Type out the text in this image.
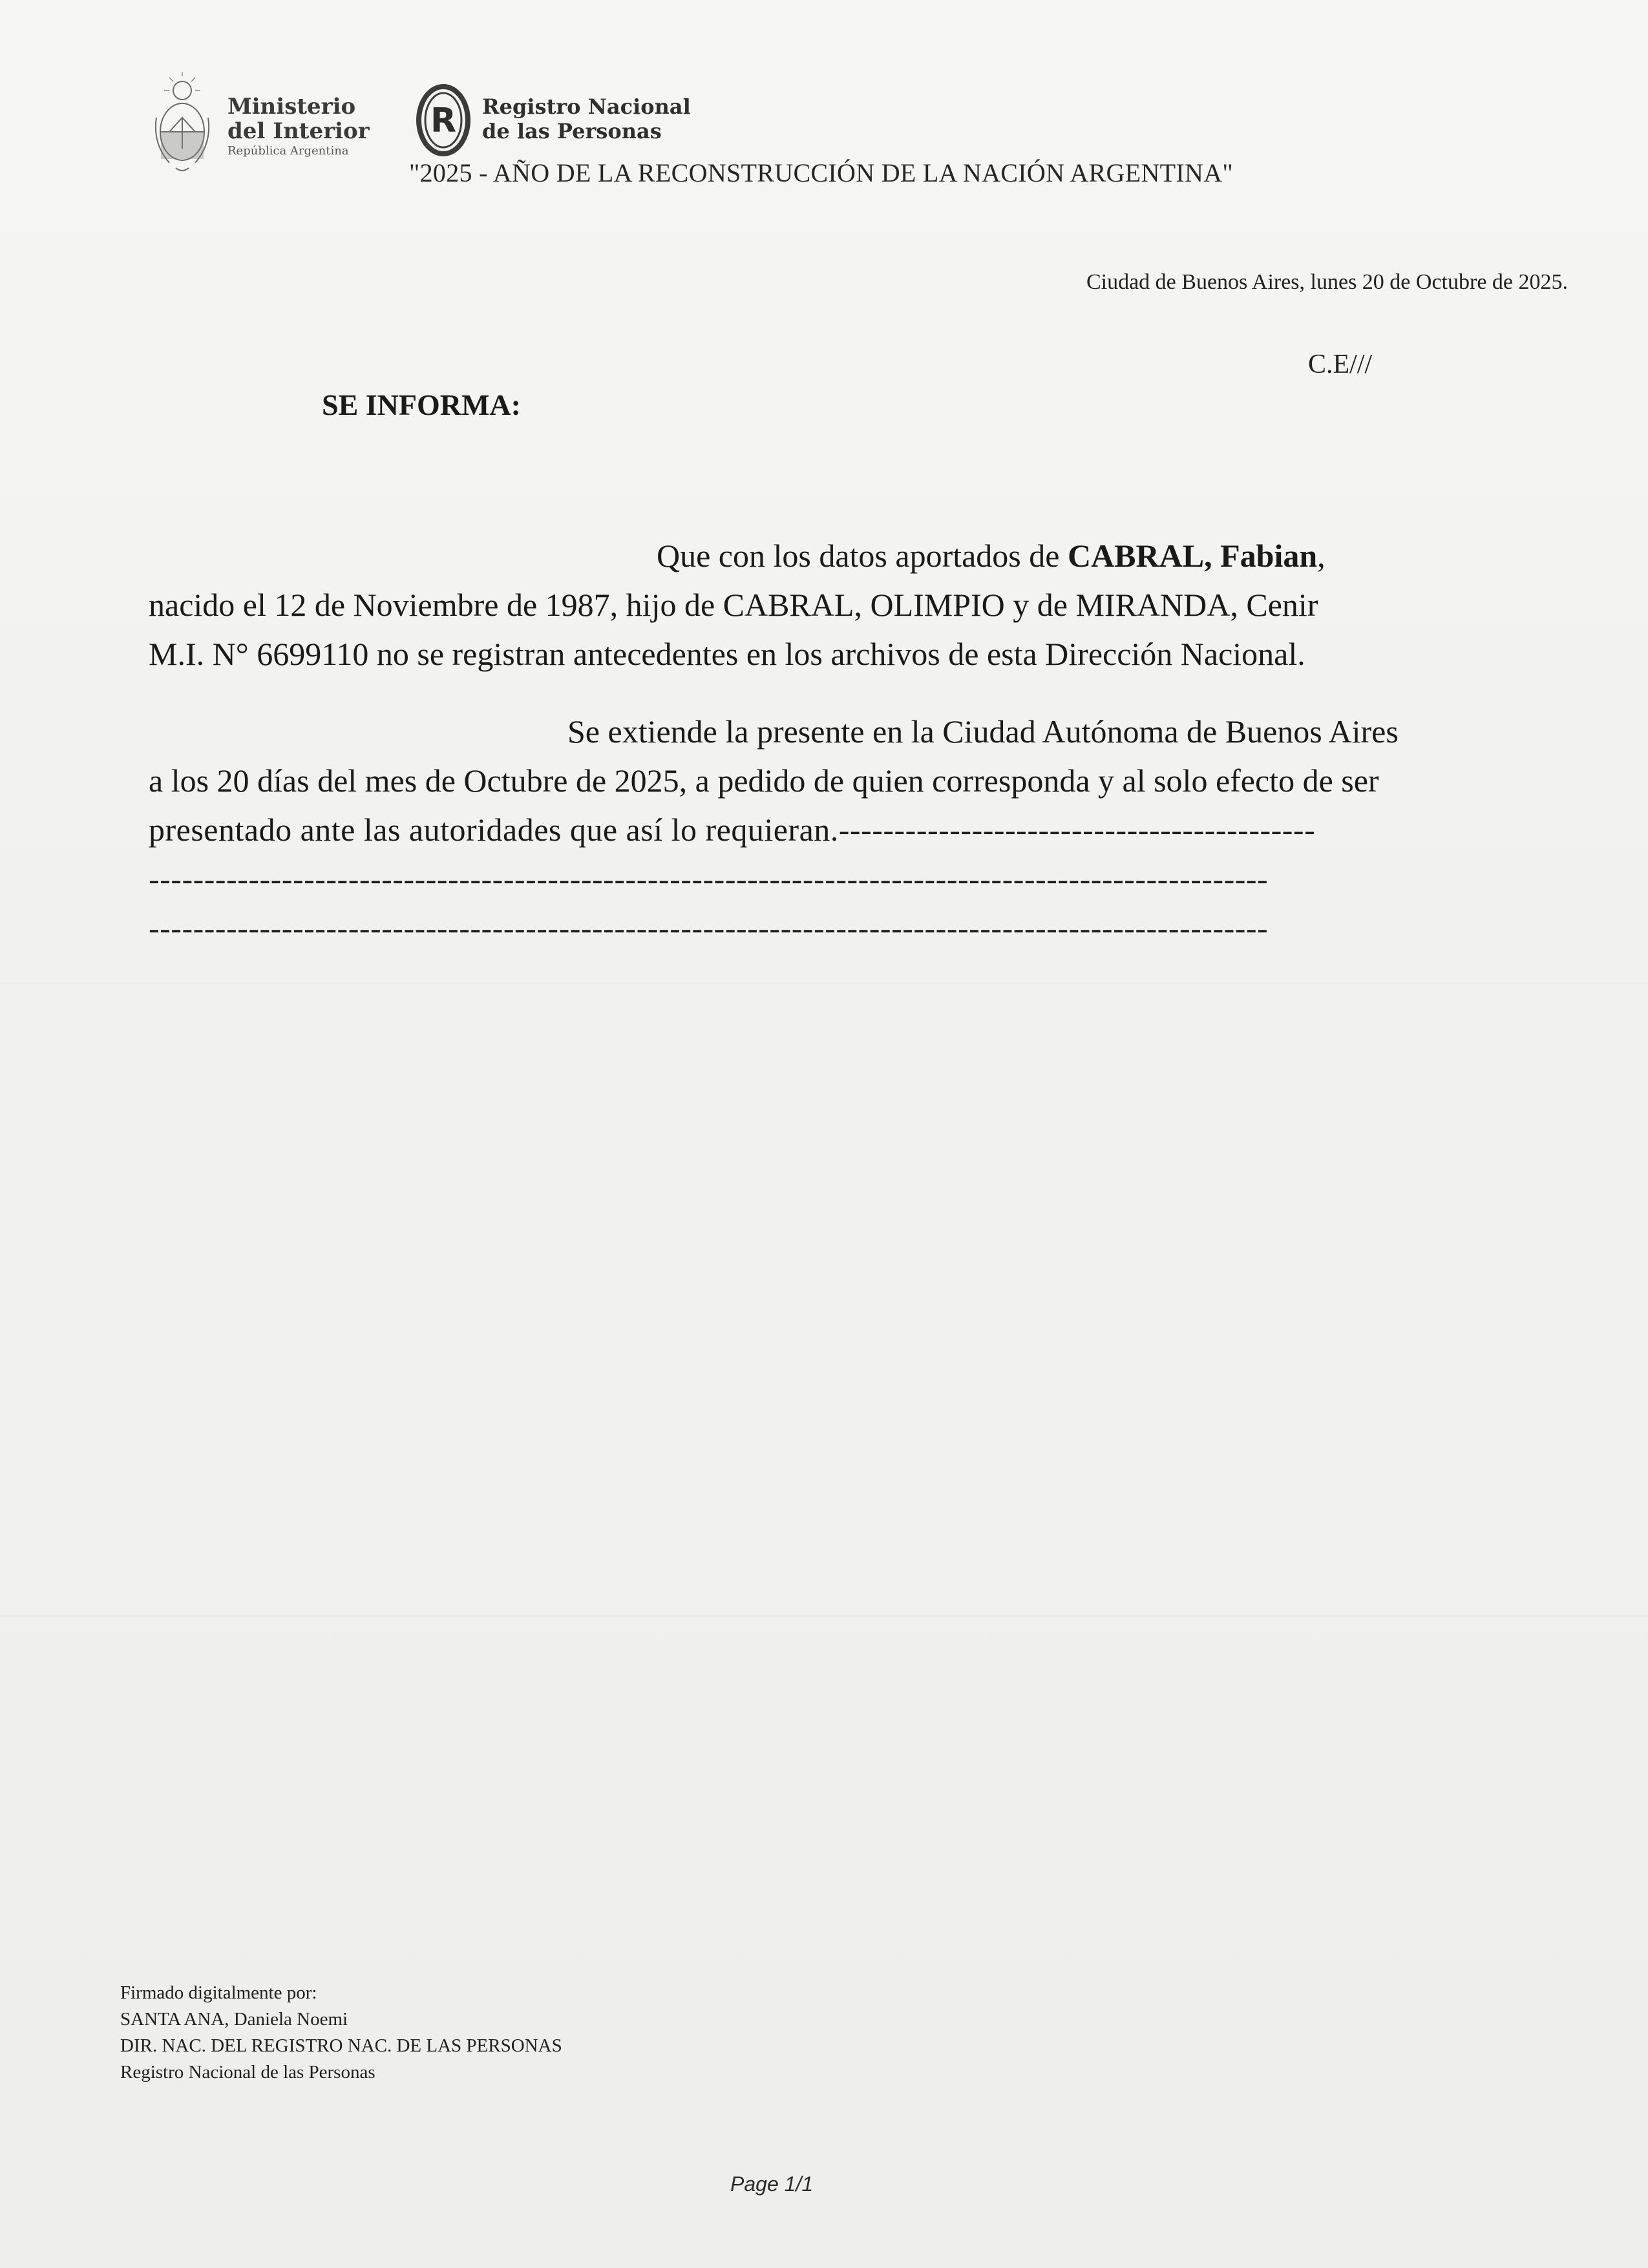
Ministerio
del Interior
República Argentina
R Registro Nacional
de las Personas
"2025 - AÑO DE LA RECONSTRUCCIÓN DE LA NACIÓN ARGENTINA"
Ciudad de Buenos Aires, lunes 20 de Octubre de 2025.
C.E///
SE INFORMA:
Que con los datos aportados de CABRAL, Fabian,
nacido el 12 de Noviembre de 1987, hijo de CABRAL, OLIMPIO y de MIRANDA, Cenir
M.I. N° 6699110 no se registran antecedentes en los archivos de esta Dirección Nacional.
Se extiende la presente en la Ciudad Autónoma de Buenos Aires
a los 20 días del mes de Octubre de 2025, a pedido de quien corresponda y al solo efecto de ser
presentado ante las autoridades que así lo requieran.-------------------------------------------
-----------------------------------------------------------------------------------------------------
-----------------------------------------------------------------------------------------------------
Firmado digitalmente por:
SANTA ANA, Daniela Noemi
DIR. NAC. DEL REGISTRO NAC. DE LAS PERSONAS
Registro Nacional de las Personas
Page 1/1
